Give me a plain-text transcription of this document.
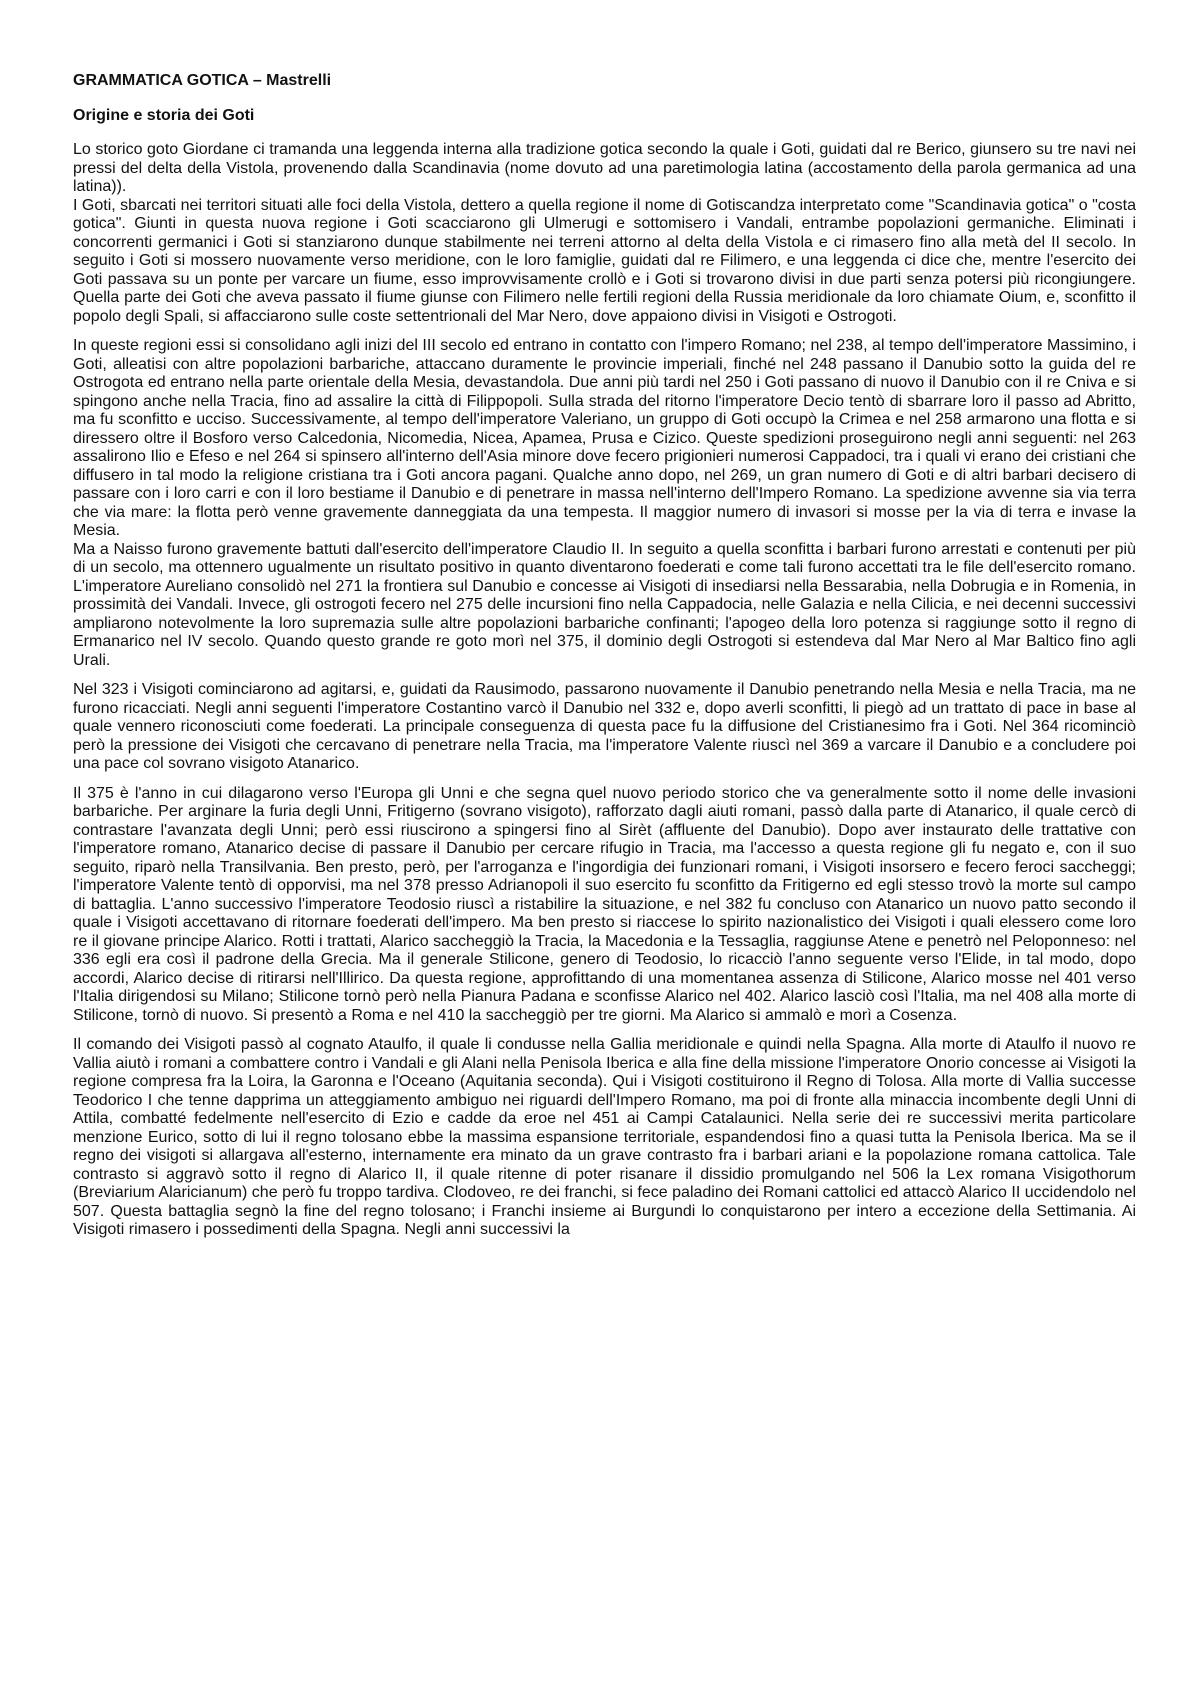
GRAMMATICA GOTICA – Mastrelli
Origine e storia dei Goti

Lo storico goto Giordane ci tramanda una leggenda interna alla tradizione gotica secondo la quale i Goti, guidati dal re Berico, giunsero su tre navi nei pressi del delta della Vistola, provenendo dalla Scandinavia (nome dovuto ad una paretimologia latina (accostamento della parola germanica ad una latina)).

I Goti, sbarcati nei territori situati alle foci della Vistola, dettero a quella regione il nome di Gotiscandza interpretato come "Scandinavia gotica" o "costa gotica". Giunti in questa nuova regione i Goti scacciarono gli Ulmerugi e sottomisero i Vandali, entrambe popolazioni germaniche. Eliminati i concorrenti germanici i Goti si stanziarono dunque stabilmente nei terreni attorno al delta della Vistola e ci rimasero fino alla metà del II secolo. In seguito i Goti si mossero nuovamente verso meridione, con le loro famiglie, guidati dal re Filimero, e una leggenda ci dice che, mentre l'esercito dei Goti passava su un ponte per varcare un fiume, esso improvvisamente crollò e i Goti si trovarono divisi in due parti senza potersi più ricongiungere. Quella parte dei Goti che aveva passato il fiume giunse con Filimero nelle fertili regioni della Russia meridionale da loro chiamate Oium, e, sconfitto il popolo degli Spali, si affacciarono sulle coste settentrionali del Mar Nero, dove appaiono divisi in Visigoti e Ostrogoti.

In queste regioni essi si consolidano agli inizi del III secolo ed entrano in contatto con l'impero Romano; nel 238, al tempo dell'imperatore Massimino, i Goti, alleatisi con altre popolazioni barbariche, attaccano duramente le provincie imperiali, finché nel 248 passano il Danubio sotto la guida del re Ostrogota ed entrano nella parte orientale della Mesia, devastandola. Due anni più tardi nel 250 i Goti passano di nuovo il Danubio con il re Cniva e si spingono anche nella Tracia, fino ad assalire la città di Filippopoli. Sulla strada del ritorno l'imperatore Decio tentò di sbarrare loro il passo ad Abritto, ma fu sconfitto e ucciso. Successivamente, al tempo dell'imperatore Valeriano, un gruppo di Goti occupò la Crimea e nel 258 armarono una flotta e si diressero oltre il Bosforo verso Calcedonia, Nicomedia, Nicea, Apamea, Prusa e Cizico. Queste spedizioni proseguirono negli anni seguenti: nel 263 assalirono Ilio e Efeso e nel 264 si spinsero all'interno dell'Asia minore dove fecero prigionieri numerosi Cappadoci, tra i quali vi erano dei cristiani che diffusero in tal modo la religione cristiana tra i Goti ancora pagani. Qualche anno dopo, nel 269, un gran numero di Goti e di altri barbari decisero di passare con i loro carri e con il loro bestiame il Danubio e di penetrare in massa nell'interno dell'Impero Romano. La spedizione avvenne sia via terra che via mare: la flotta però venne gravemente danneggiata da una tempesta. Il maggior numero di invasori si mosse per la via di terra e invase la Mesia.

Ma a Naisso furono gravemente battuti dall'esercito dell'imperatore Claudio II. In seguito a quella sconfitta i barbari furono arrestati e contenuti per più di un secolo, ma ottennero ugualmente un risultato positivo in quanto diventarono foederati e come tali furono accettati tra le file dell'esercito romano. L'imperatore Aureliano consolidò nel 271 la frontiera sul Danubio e concesse ai Visigoti di insediarsi nella Bessarabia, nella Dobrugia e in Romenia, in prossimità dei Vandali. Invece, gli ostrogoti fecero nel 275 delle incursioni fino nella Cappadocia, nelle Galazia e nella Cilicia, e nei decenni successivi ampliarono notevolmente la loro supremazia sulle altre popolazioni barbariche confinanti; l'apogeo della loro potenza si raggiunge sotto il regno di Ermanarico nel IV secolo. Quando questo grande re goto morì nel 375, il dominio degli Ostrogoti si estendeva dal Mar Nero al Mar Baltico fino agli Urali.

Nel 323 i Visigoti cominciarono ad agitarsi, e, guidati da Rausimodo, passarono nuovamente il Danubio penetrando nella Mesia e nella Tracia, ma ne furono ricacciati. Negli anni seguenti l'imperatore Costantino varcò il Danubio nel 332 e, dopo averli sconfitti, li piegò ad un trattato di pace in base al quale vennero riconosciuti come foederati. La principale conseguenza di questa pace fu la diffusione del Cristianesimo fra i Goti. Nel 364 ricominciò però la pressione dei Visigoti che cercavano di penetrare nella Tracia, ma l'imperatore Valente riuscì nel 369 a varcare il Danubio e a concludere poi una pace col sovrano visigoto Atanarico.

Il 375 è l'anno in cui dilagarono verso l'Europa gli Unni e che segna quel nuovo periodo storico che va generalmente sotto il nome delle invasioni barbariche. Per arginare la furia degli Unni, Fritigerno (sovrano visigoto), rafforzato dagli aiuti romani, passò dalla parte di Atanarico, il quale cercò di contrastare l'avanzata degli Unni; però essi riuscirono a spingersi fino al Sirèt (affluente del Danubio). Dopo aver instaurato delle trattative con l'imperatore romano, Atanarico decise di passare il Danubio per cercare rifugio in Tracia, ma l'accesso a questa regione gli fu negato e, con il suo seguito, riparò nella Transilvania. Ben presto, però, per l'arroganza e l'ingordigia dei funzionari romani, i Visigoti insorsero e fecero feroci saccheggi; l'imperatore Valente tentò di opporvisi, ma nel 378 presso Adrianopoli il suo esercito fu sconfitto da Fritigerno ed egli stesso trovò la morte sul campo di battaglia. L'anno successivo l'imperatore Teodosio riuscì a ristabilire la situazione, e nel 382 fu concluso con Atanarico un nuovo patto secondo il quale i Visigoti accettavano di ritornare foederati dell'impero. Ma ben presto si riaccese lo spirito nazionalistico dei Visigoti i quali elessero come loro re il giovane principe Alarico. Rotti i trattati, Alarico saccheggiò la Tracia, la Macedonia e la Tessaglia, raggiunse Atene e penetrò nel Peloponneso: nel 336 egli era così il padrone della Grecia. Ma il generale Stilicone, genero di Teodosio, lo ricacciò l'anno seguente verso l'Elide, in tal modo, dopo accordi, Alarico decise di ritirarsi nell'Illirico. Da questa regione, approfittando di una momentanea assenza di Stilicone, Alarico mosse nel 401 verso l'Italia dirigendosi su Milano; Stilicone tornò però nella Pianura Padana e sconfisse Alarico nel 402. Alarico lasciò così l'Italia, ma nel 408 alla morte di Stilicone, tornò di nuovo. Si presentò a Roma e nel 410 la saccheggiò per tre giorni. Ma Alarico si ammalò e morì a Cosenza.

Il comando dei Visigoti passò al cognato Ataulfo, il quale li condusse nella Gallia meridionale e quindi nella Spagna. Alla morte di Ataulfo il nuovo re Vallia aiutò i romani a combattere contro i Vandali e gli Alani nella Penisola Iberica e alla fine della missione l'imperatore Onorio concesse ai Visigoti la regione compresa fra la Loira, la Garonna e l'Oceano (Aquitania seconda). Qui i Visigoti costituirono il Regno di Tolosa. Alla morte di Vallia successe Teodorico I che tenne dapprima un atteggiamento ambiguo nei riguardi dell'Impero Romano, ma poi di fronte alla minaccia incombente degli Unni di Attila, combatté fedelmente nell'esercito di Ezio e cadde da eroe nel 451 ai Campi Catalaunici. Nella serie dei re successivi merita particolare menzione Eurico, sotto di lui il regno tolosano ebbe la massima espansione territoriale, espandendosi fino a quasi tutta la Penisola Iberica. Ma se il regno dei visigoti si allargava all'esterno, internamente era minato da un grave contrasto fra i barbari ariani e la popolazione romana cattolica. Tale contrasto si aggravò sotto il regno di Alarico II, il quale ritenne di poter risanare il dissidio promulgando nel 506 la Lex romana Visigothorum (Breviarium Alaricianum) che però fu troppo tardiva. Clodoveo, re dei franchi, si fece paladino dei Romani cattolici ed attaccò Alarico II uccidendolo nel 507. Questa battaglia segnò la fine del regno tolosano; i Franchi insieme ai Burgundi lo conquistarono per intero a eccezione della Settimania. Ai Visigoti rimasero i possedimenti della Spagna. Negli anni successivi la
